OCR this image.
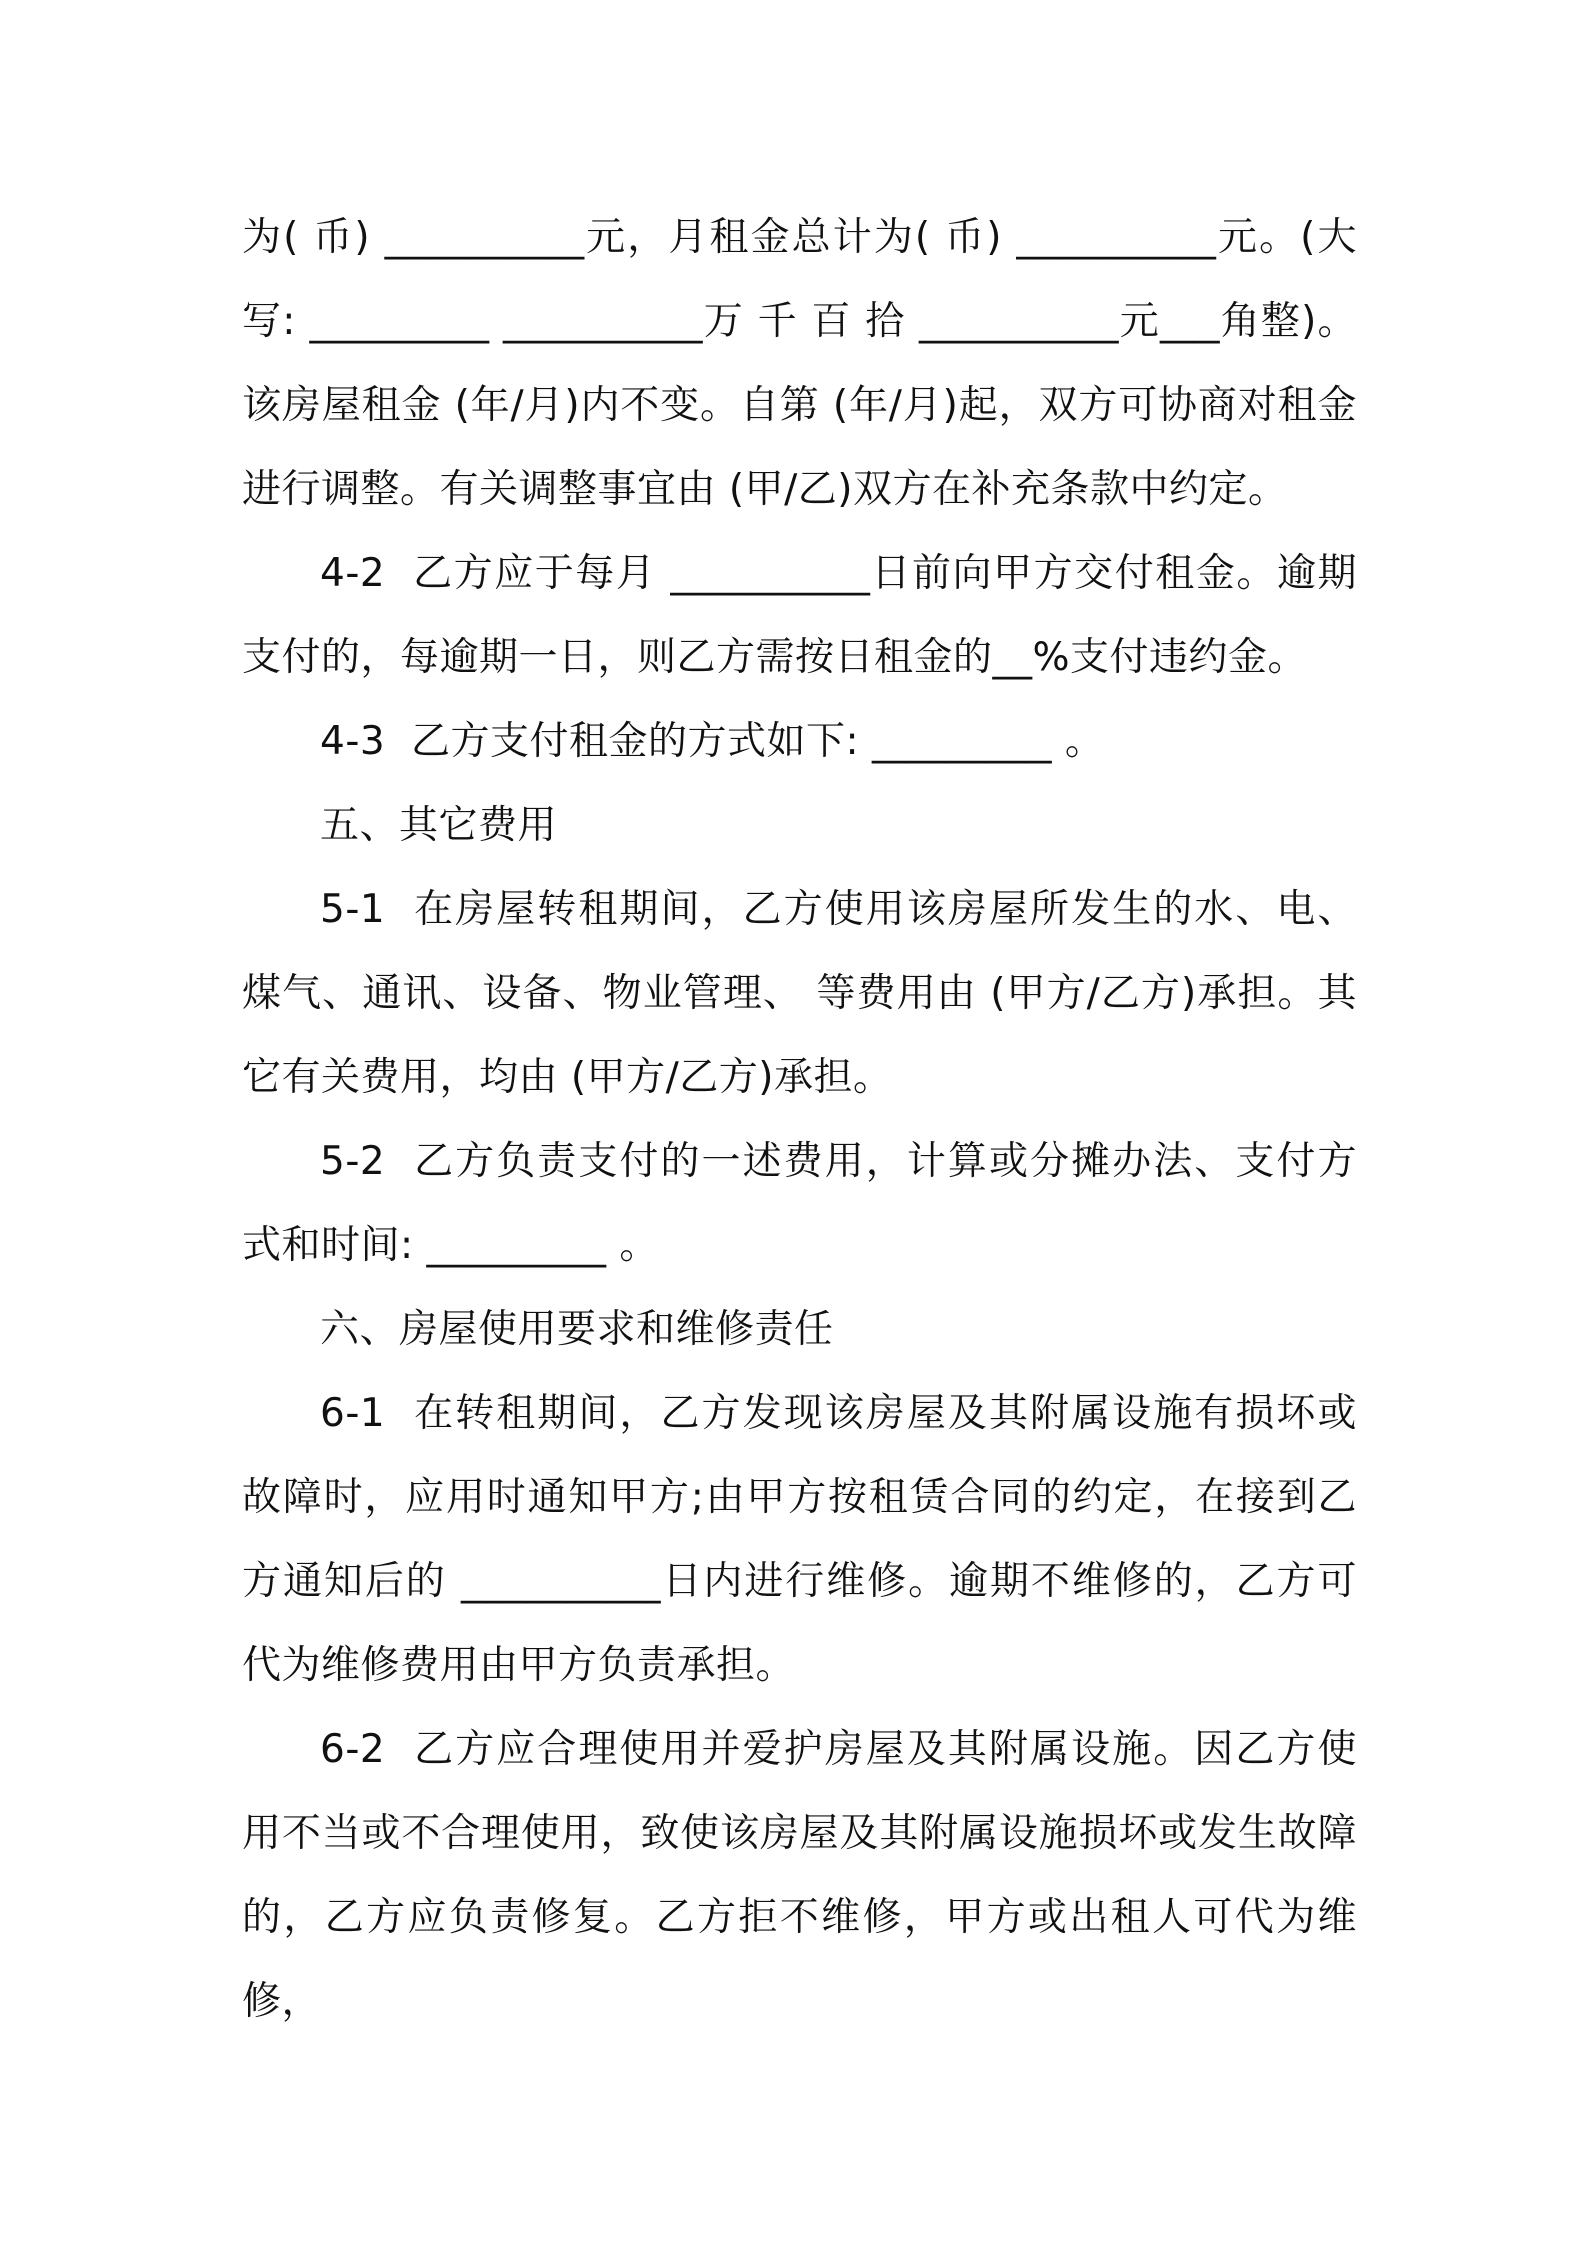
为( 币) __________元，月租金总计为( 币) __________元。(大写: _________ __________万 千 百 拾 __________元___角整)。该房屋租金 (年/月)内不变。自第 (年/月)起，双方可协商对租金进行调整。有关调整事宜由 (甲/乙)双方在补充条款中约定。

4-2  乙方应于每月 __________日前向甲方交付租金。逾期支付的，每逾期一日，则乙方需按日租金的__%支付违约金。

4-3  乙方支付租金的方式如下: _________ 。

五、其它费用

5-1  在房屋转租期间，乙方使用该房屋所发生的水、电、煤气、通讯、设备、物业管理、 等费用由 (甲方/乙方)承担。其它有关费用，均由 (甲方/乙方)承担。

5-2  乙方负责支付的一述费用，计算或分摊办法、支付方式和时间: _________ 。

六、房屋使用要求和维修责任

6-1  在转租期间，乙方发现该房屋及其附属设施有损坏或故障时，应用时通知甲方;由甲方按租赁合同的约定，在接到乙方通知后的 __________日内进行维修。逾期不维修的，乙方可代为维修费用由甲方负责承担。

6-2  乙方应合理使用并爱护房屋及其附属设施。因乙方使用不当或不合理使用，致使该房屋及其附属设施损坏或发生故障的，乙方应负责修复。乙方拒不维修，甲方或出租人可代为维修，
